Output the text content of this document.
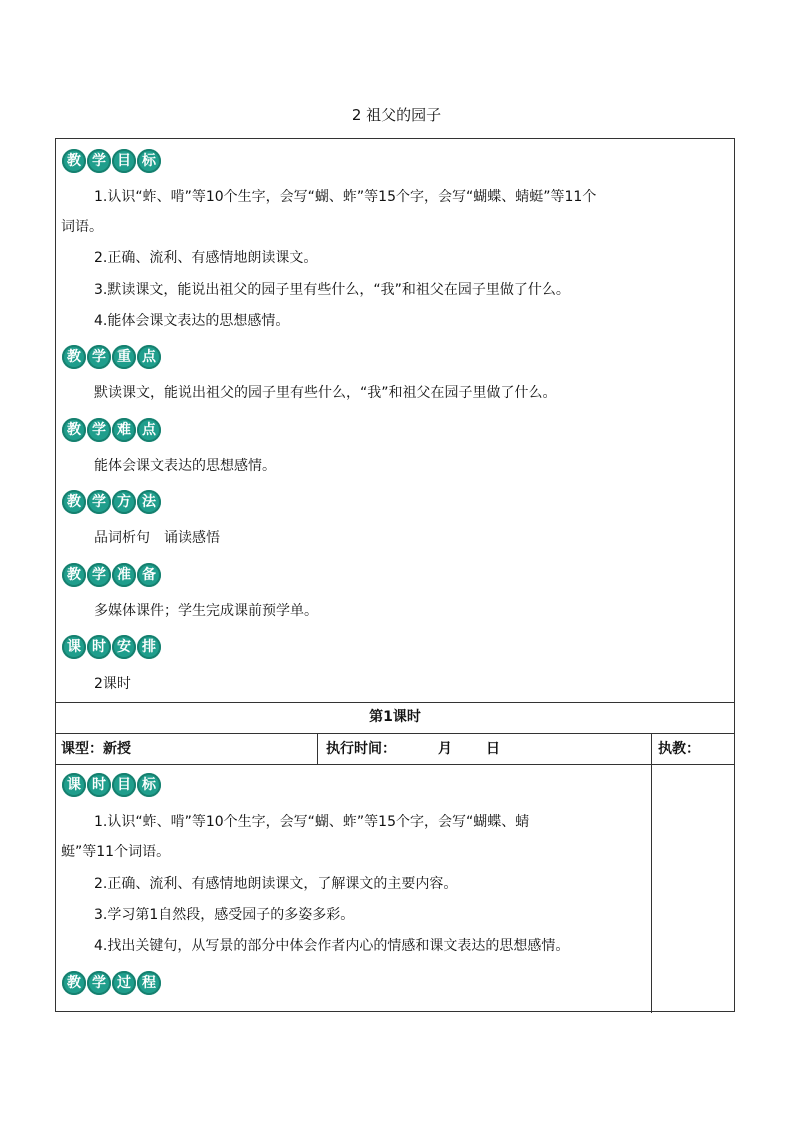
2 祖父的园子
教 学 目 标
1.认识“蚱、啃”等10个生字，会写“蝴、蚱”等15个字，会写“蝴蝶、蜻蜓”等11个
词语。
2.正确、流利、有感情地朗读课文。
3.默读课文，能说出祖父的园子里有些什么，“我”和祖父在园子里做了什么。
4.能体会课文表达的思想感情。
教 学 重 点
默读课文，能说出祖父的园子里有些什么，“我”和祖父在园子里做了什么。
教 学 难 点
能体会课文表达的思想感情。
教 学 方 法
品词析句　诵读感悟
教 学 准 备
多媒体课件；学生完成课前预学单。
课 时 安 排
2课时
第1课时
课型：新授	执行时间：	月 日	执教：
课 时 目 标
1.认识“蚱、啃”等10个生字，会写“蝴、蚱”等15个字，会写“蝴蝶、蜻
蜓”等11个词语。
2.正确、流利、有感情地朗读课文，了解课文的主要内容。
3.学习第1自然段，感受园子的多姿多彩。
4.找出关键句，从写景的部分中体会作者内心的情感和课文表达的思想感情。
教 学 过 程
